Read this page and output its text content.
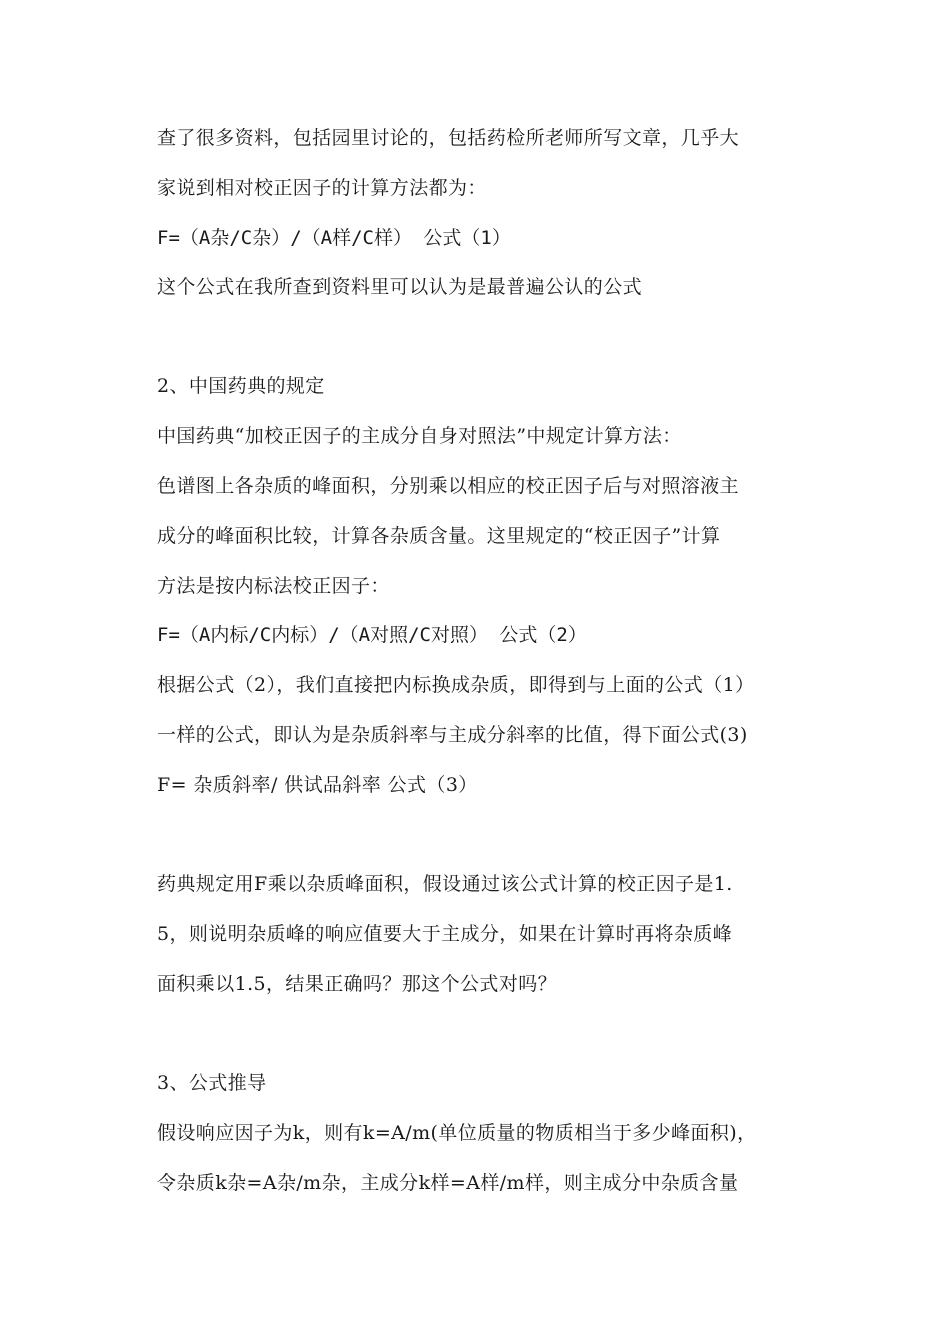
查了很多资料，包括园里讨论的，包括药检所老师所写文章，几乎大
家说到相对校正因子的计算方法都为：
F=（A杂/C杂）/（A样/C样） 公式（1）
这个公式在我所查到资料里可以认为是最普遍公认的公式
2、中国药典的规定
中国药典“加校正因子的主成分自身对照法”中规定计算方法：
色谱图上各杂质的峰面积，分别乘以相应的校正因子后与对照溶液主
成分的峰面积比较，计算各杂质含量。这里规定的“校正因子”计算
方法是按内标法校正因子：
F=（A内标/C内标）/（A对照/C对照） 公式（2）
根据公式（2），我们直接把内标换成杂质，即得到与上面的公式（1）
一样的公式，即认为是杂质斜率与主成分斜率的比值，得下面公式(3)
F= 杂质斜率/ 供试品斜率 公式（3）
药典规定用F乘以杂质峰面积，假设通过该公式计算的校正因子是1.
5，则说明杂质峰的响应值要大于主成分，如果在计算时再将杂质峰
面积乘以1.5，结果正确吗？那这个公式对吗？
3、公式推导
假设响应因子为k，则有k=A/m(单位质量的物质相当于多少峰面积)，
令杂质k杂=A杂/m杂，主成分k样=A样/m样，则主成分中杂质含量
